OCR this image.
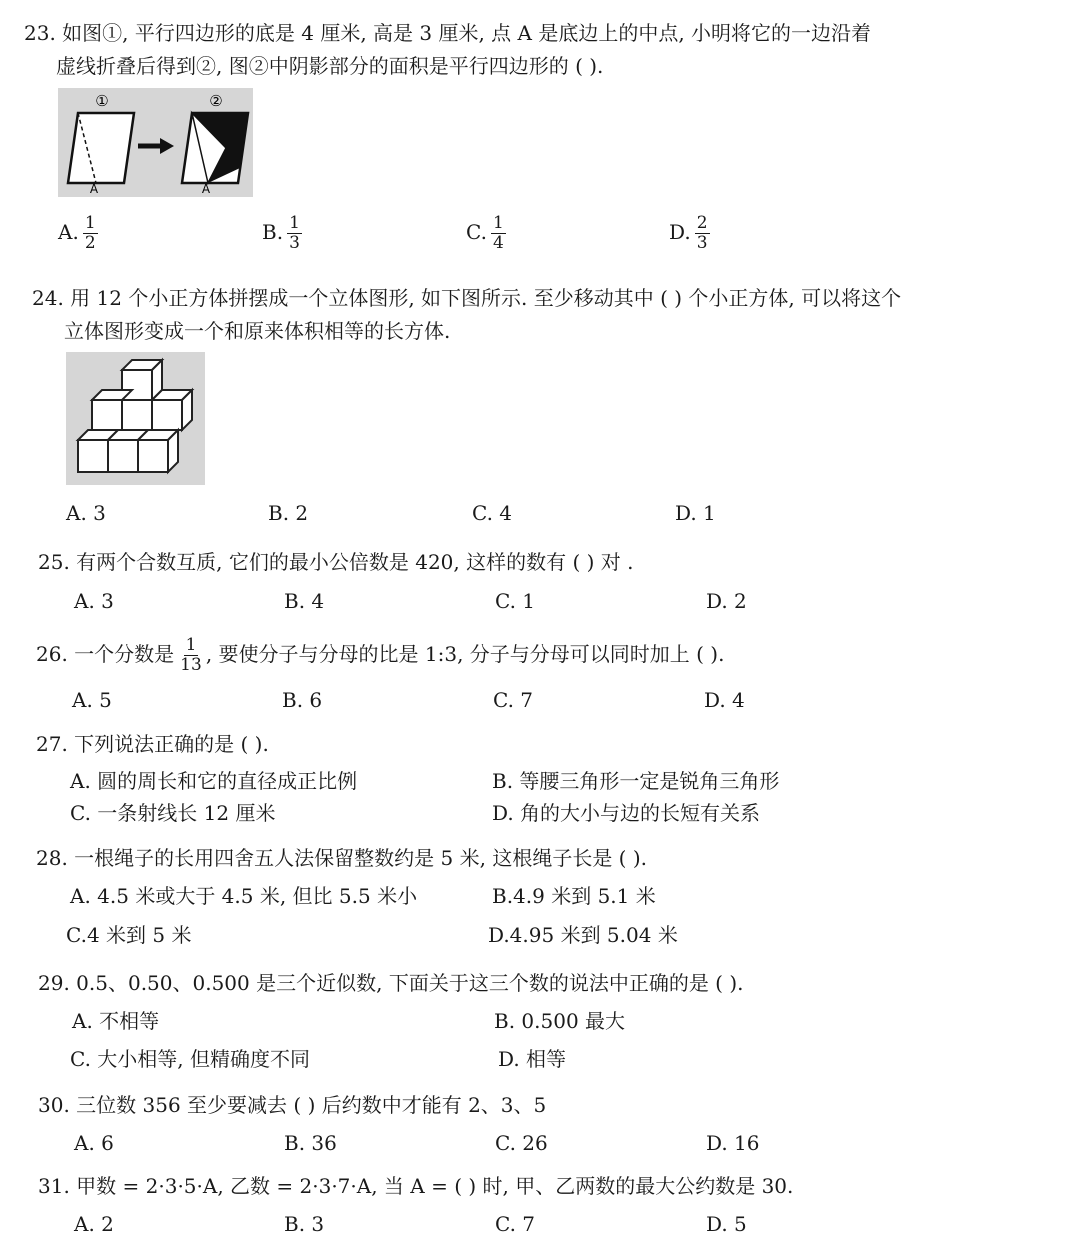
23. 如图①, 平行四边形的底是 4 厘米, 高是 3 厘米, 点 A 是底边上的中点, 小明将它的一边沿着
虚线折叠后得到②, 图②中阴影部分的面积是平行四边形的 ( ).
①
A
②
A
A. $\frac{1}{2}$	B. $\frac{1}{3}$	C. $\frac{1}{4}$	D. $\frac{2}{3}$
24. 用 12 个小正方体拼摆成一个立体图形, 如下图所示. 至少移动其中 ( ) 个小正方体, 可以将这个
立体图形变成一个和原来体积相等的长方体.
A. 3	B. 2	C. 4	D. 1
25. 有两个合数互质, 它们的最小公倍数是 420, 这样的数有 ( ) 对 .
A. 3	B. 4	C. 1	D. 2
26. 一个分数是 $\frac{1}{13}$ , 要使分子与分母的比是 1:3, 分子与分母可以同时加上 ( ).
A. 5	B. 6	C. 7	D. 4
27. 下列说法正确的是 ( ).
A. 圆的周长和它的直径成正比例	B. 等腰三角形一定是锐角三角形
C. 一条射线长 12 厘米	D. 角的大小与边的长短有关系
28. 一根绳子的长用四舍五人法保留整数约是 5 米, 这根绳子长是 ( ).
A. 4.5 米或大于 4.5 米, 但比 5.5 米小	B.4.9 米到 5.1 米
C.4 米到 5 米	D.4.95 米到 5.04 米
29. 0.5、0.50、0.500 是三个近似数, 下面关于这三个数的说法中正确的是 ( ).
A. 不相等	B. 0.500 最大
C. 大小相等, 但精确度不同	D. 相等
30. 三位数 356 至少要减去 ( ) 后约数中才能有 2、3、5
A. 6	B. 36	C. 26	D. 16
31. 甲数 = 2·3·5·A, 乙数 = 2·3·7·A, 当 A = ( ) 时, 甲、乙两数的最大公约数是 30.
A. 2	B. 3	C. 7	D. 5
